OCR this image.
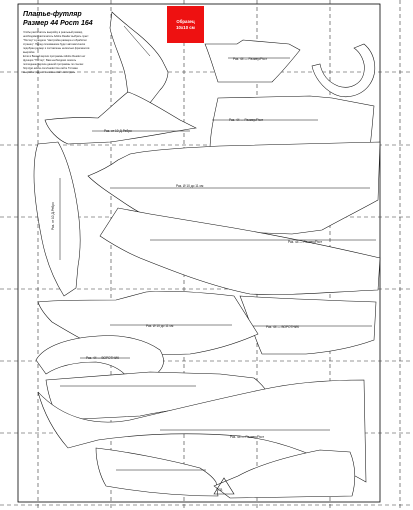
Платье-футляр
Размер 44 Рост 164
Чтобы распечатать выкройку в реальный размер,
необходимо распечатать Adobe Reader выбрать пункт
"Постер" в разделе "Настройка размера и обработки
страниц". Перед склеиванием будет автоматически
подобран размер и составлены несколько фрагментов
выкройки.
Если в Вашей версии программы Adobe Reader нет
функции "Постер", Вам необходимо скачать
последнюю версию данной программы по ссылке:
http://get.adobe.com/reader/ На сайте 'Готовая
выкройка', адрес: www.ваш сайт.com/Здесь
Образец
10х10 см
Раз. 44 — Размер/Рост
Раз. от 10 Д-Ребро
Раз. 44 — Размер/Рост
Раз. Ø 10 до 11 см
Раз. от 10 Д-Ребро
Раз. 44 — Размер/Рост
Раз. 44 — ВОРОТНИК
Раз. Ø 10 до 11 см
Раз. 44 — ВОРОТНИК
Раз. 44 — Размер/Рост
ГВ
